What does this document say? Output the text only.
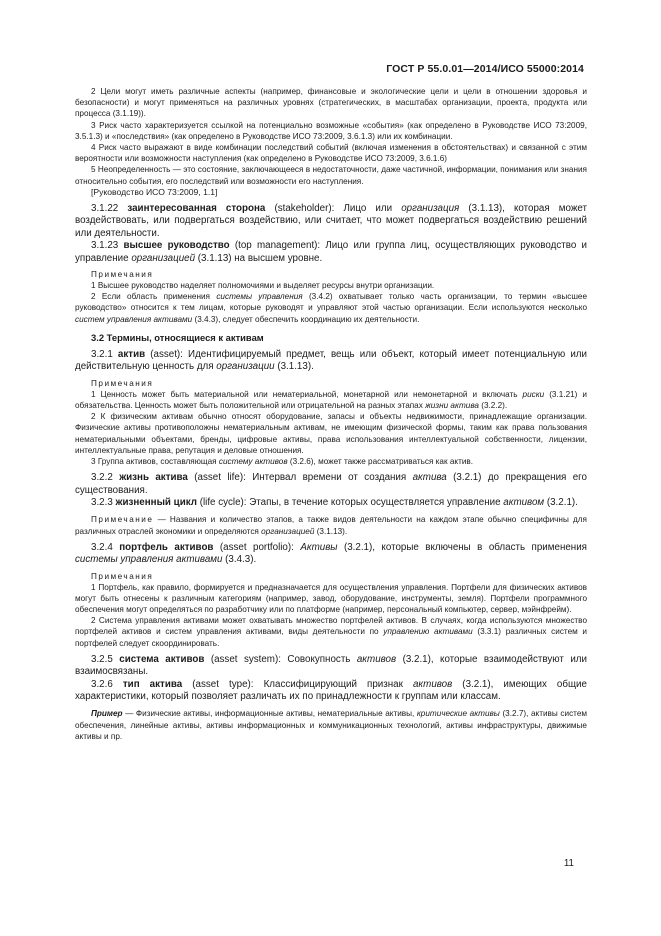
ГОСТ Р 55.0.01—2014/ИСО 55000:2014

2 Цели могут иметь различные аспекты (например, финансовые и экологические цели и цели в отношении здоровья и безопасности) и могут применяться на различных уровнях (стратегических, в масштабах организации, проекта, продукта или процесса (3.1.19)).

3 Риск часто характеризуется ссылкой на потенциально возможные «события» (как определено в Руководстве ИСО 73:2009, 3.5.1.3) и «последствия» (как определено в Руководстве ИСО 73:2009, 3.6.1.3) или их комбинации.

4 Риск часто выражают в виде комбинации последствий событий (включая изменения в обстоятельствах) и связанной с этим вероятности или возможности наступления (как определено в Руководстве ИСО 73:2009, 3.6.1.6)

5 Неопределенность — это состояние, заключающееся в недостаточности, даже частичной, информации, понимания или знания относительно события, его последствий или возможности его наступления.

[Руководство ИСО 73:2009, 1.1]

3.1.22 заинтересованная сторона (stakeholder): Лицо или организация (3.1.13), которая может воздействовать, или подвергаться воздействию, или считает, что может подвергаться воздействию решений или деятельности.

3.1.23 высшее руководство (top management): Лицо или группа лиц, осуществляющих руководство и управление организацией (3.1.13) на высшем уровне.

Примечания

1 Высшее руководство наделяет полномочиями и выделяет ресурсы внутри организации.

2 Если область применения системы управления (3.4.2) охватывает только часть организации, то термин «высшее руководство» относится к тем лицам, которые руководят и управляют этой частью организации. Если используются несколько систем управления активами (3.4.3), следует обеспечить координацию их деятельности.

3.2 Термины, относящиеся к активам

3.2.1 актив (asset): Идентифицируемый предмет, вещь или объект, который имеет потенциальную или действительную ценность для организации (3.1.13).

Примечания

1 Ценность может быть материальной или нематериальной, монетарной или немонетарной и включать риски (3.1.21) и обязательства. Ценность может быть положительной или отрицательной на разных этапах жизни актива (3.2.2).

2 К физическим активам обычно относят оборудование, запасы и объекты недвижимости, принадлежащие организации. Физические активы противоположны нематериальным активам, не имеющим физической формы, таким как права пользования нематериальными объектами, бренды, цифровые активы, права использования интеллектуальной собственности, лицензии, интеллектуальные права, репутация и деловые отношения.

3 Группа активов, составляющая систему активов (3.2.6), может также рассматриваться как актив.

3.2.2 жизнь актива (asset life): Интервал времени от создания актива (3.2.1) до прекращения его существования.

3.2.3 жизненный цикл (life cycle): Этапы, в течение которых осуществляется управление активом (3.2.1).

Примечание — Названия и количество этапов, а также видов деятельности на каждом этапе обычно специфичны для различных отраслей экономики и определяются организацией (3.1.13).

3.2.4 портфель активов (asset portfolio): Активы (3.2.1), которые включены в область применения системы управления активами (3.4.3).

Примечания

1 Портфель, как правило, формируется и предназначается для осуществления управления. Портфели для физических активов могут быть отнесены к различным категориям (например, завод, оборудование, инструменты, земля). Портфели программного обеспечения могут определяться по разработчику или по платформе (например, персональный компьютер, сервер, мэйнфрейм).

2 Система управления активами может охватывать множество портфелей активов. В случаях, когда используются множество портфелей активов и систем управления активами, виды деятельности по управлению активами (3.3.1) различных систем и портфелей следует скоординировать.

3.2.5 система активов (asset system): Совокупность активов (3.2.1), которые взаимодействуют или взаимосвязаны.

3.2.6 тип актива (asset type): Классифицирующий признак активов (3.2.1), имеющих общие характеристики, который позволяет различать их по принадлежности к группам или классам.

Пример — Физические активы, информационные активы, нематериальные активы, критические активы (3.2.7), активы систем обеспечения, линейные активы, активы информационных и коммуникационных технологий, активы инфраструктуры, движимые активы и пр.

11
